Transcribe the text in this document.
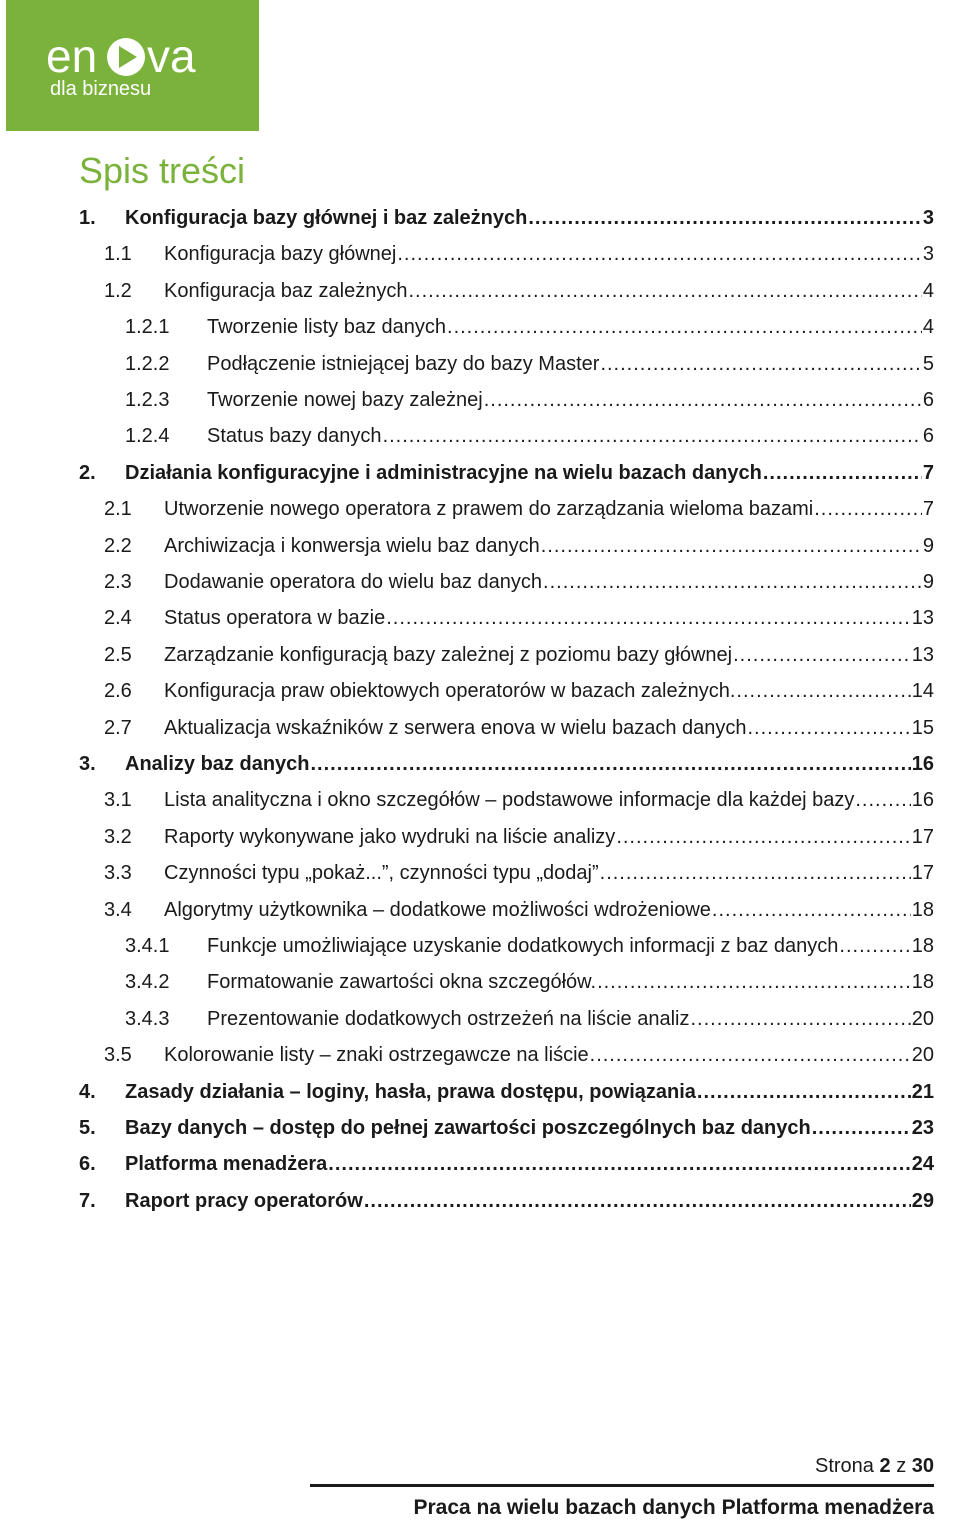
en va
dla biznesu
Spis treści
1. Konfiguracja bazy głównej i baz zależnych .....	3
1.1 Konfiguracja bazy głównej .....	3
1.2 Konfiguracja baz zależnych .....	4
1.2.1 Tworzenie listy baz danych .....	4
1.2.2 Podłączenie istniejącej bazy do bazy Master .....	5
1.2.3 Tworzenie nowej bazy zależnej .....	6
1.2.4 Status bazy danych .....	6
2. Działania konfiguracyjne i administracyjne na wielu bazach danych .....	7
2.1 Utworzenie nowego operatora z prawem do zarządzania wieloma bazami .....	7
2.2 Archiwizacja i konwersja wielu baz danych .....	9
2.3 Dodawanie operatora do wielu baz danych .....	9
2.4 Status operatora w bazie .....	13
2.5 Zarządzanie konfiguracją bazy zależnej z poziomu bazy głównej .....	13
2.6 Konfiguracja praw obiektowych operatorów w bazach zależnych. .....	14
2.7 Aktualizacja wskaźników z serwera enova w wielu bazach danych .....	15
3. Analizy baz danych .....	16
3.1 Lista analityczna i okno szczegółów – podstawowe informacje dla każdej bazy .....	16
3.2 Raporty wykonywane jako wydruki na liście analizy .....	17
3.3 Czynności typu „pokaż...”, czynności typu „dodaj” .....	17
3.4 Algorytmy użytkownika – dodatkowe możliwości wdrożeniowe .....	18
3.4.1 Funkcje umożliwiające uzyskanie dodatkowych informacji z baz danych .....	18
3.4.2 Formatowanie zawartości okna szczegółów. .....	18
3.4.3 Prezentowanie dodatkowych ostrzeżeń na liście analiz .....	20
3.5 Kolorowanie listy – znaki ostrzegawcze na liście .....	20
4. Zasady działania – loginy, hasła, prawa dostępu, powiązania .....	21
5. Bazy danych – dostęp do pełnej zawartości poszczególnych baz danych .....	23
6. Platforma menadżera .....	24
7. Raport pracy operatorów .....	29
Strona 2 z 30
Praca na wielu bazach danych Platforma menadżera
